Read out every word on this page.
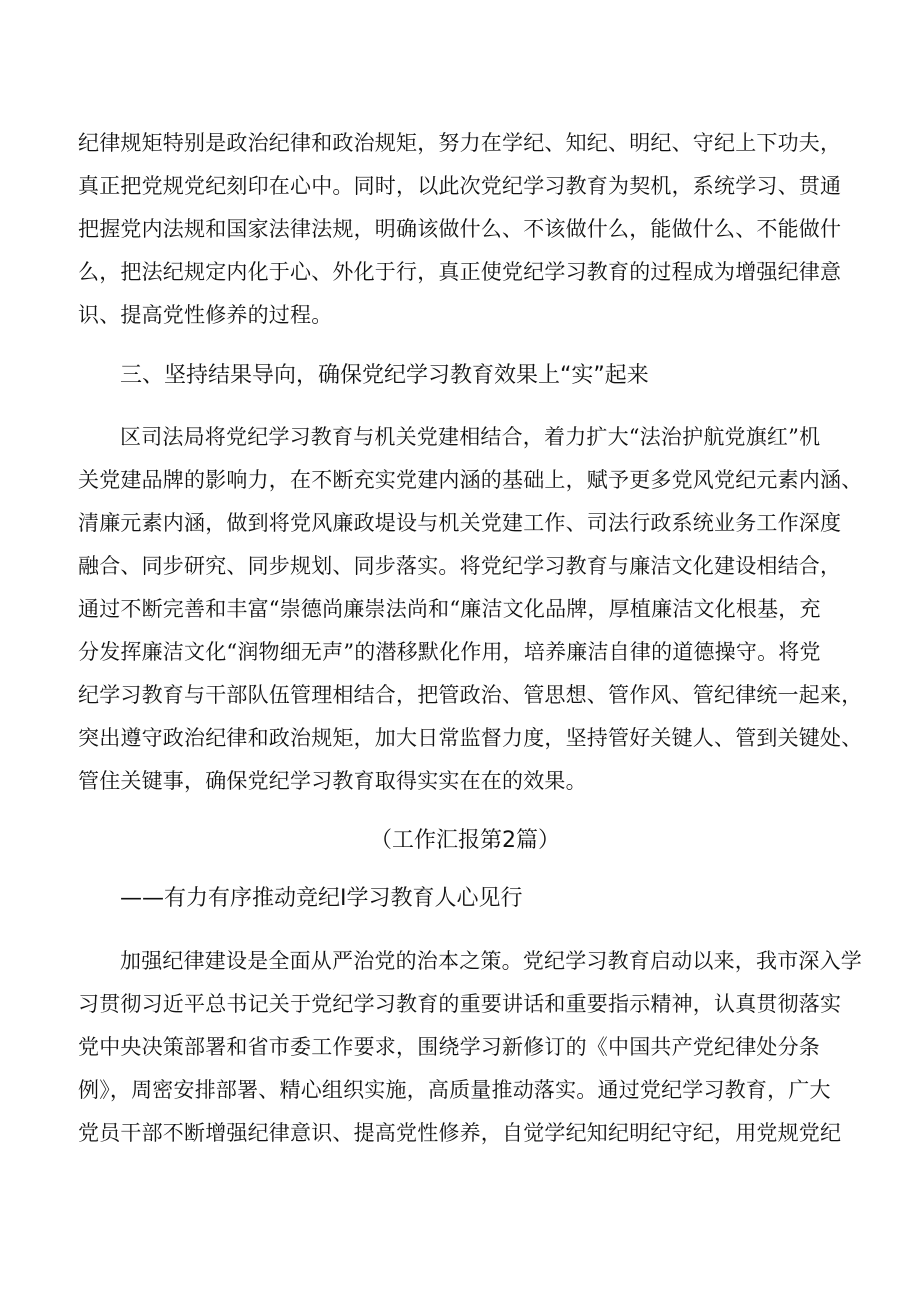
纪律规矩特别是政治纪律和政治规矩，努力在学纪、知纪、明纪、守纪上下功夫，
真正把党规党纪刻印在心中。同时，以此次党纪学习教育为契机，系统学习、贯通
把握党内法规和国家法律法规，明确该做什么、不该做什么，能做什么、不能做什
么，把法纪规定内化于心、外化于行，真正使党纪学习教育的过程成为增强纪律意
识、提高党性修养的过程。
三、坚持结果导向，确保党纪学习教育效果上“实”起来
区司法局将党纪学习教育与机关党建相结合，着力扩大“法治护航党旗红”机
关党建品牌的影响力，在不断充实党建内涵的基础上，赋予更多党风党纪元素内涵、
清廉元素内涵，做到将党风廉政堤设与机关党建工作、司法行政系统业务工作深度
融合、同步研究、同步规划、同步落实。将党纪学习教育与廉洁文化建设相结合，
通过不断完善和丰富“崇德尚廉崇法尚和“廉洁文化品牌，厚植廉洁文化根基，充
分发挥廉洁文化“润物细无声”的潜移默化作用，培养廉洁自律的道德操守。将党
纪学习教育与干部队伍管理相结合，把管政治、管思想、管作风、管纪律统一起来，
突出遵守政治纪律和政治规矩，加大日常监督力度，坚持管好关键人、管到关键处、
管住关键事，确保党纪学习教育取得实实在在的效果。
（工作汇报第2篇）
——有力有序推动竞纪I学习教育人心见行
加强纪律建设是全面从严治党的治本之策。党纪学习教育启动以来，我市深入学
习贯彻习近平总书记关于党纪学习教育的重要讲话和重要指示精神，认真贯彻落实
党中央决策部署和省市委工作要求，围绕学习新修订的《中国共产党纪律处分条
例》，周密安排部署、精心组织实施，高质量推动落实。通过党纪学习教育，广大
党员干部不断增强纪律意识、提高党性修养，自觉学纪知纪明纪守纪，用党规党纪
